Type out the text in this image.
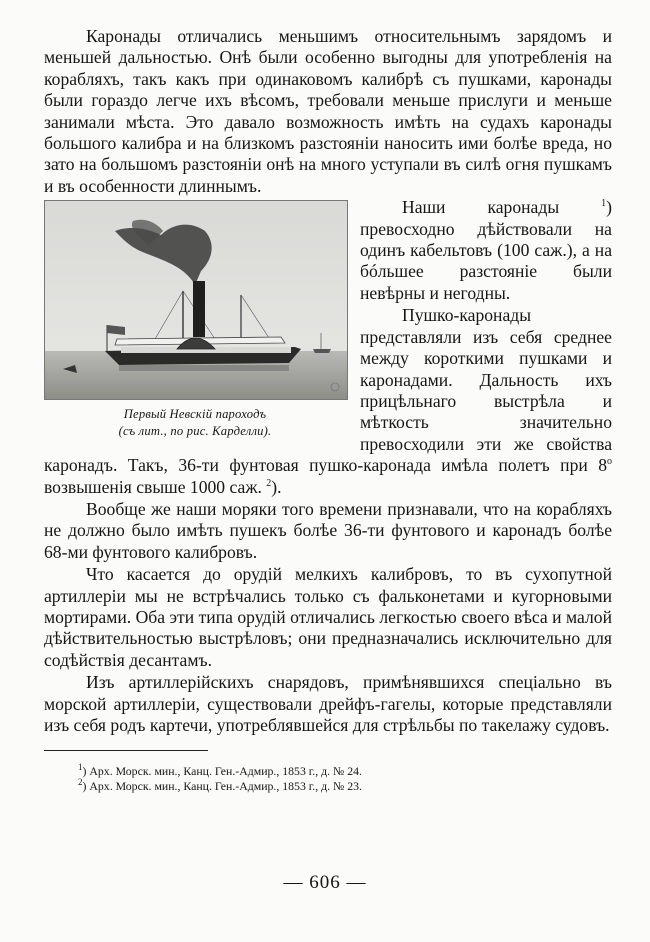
Каронады отличались меньшимъ относительнымъ зарядомъ и меньшей дальностью. Онѣ были особенно выгодны для употребленія на корабляхъ, такъ какъ при одинаковомъ калибрѣ съ пушками, каронады были гораздо легче ихъ вѣсомъ, требовали меньше прислуги и меньше занимали мѣста. Это давало возможность имѣть на судахъ каронады большого калибра и на близкомъ разстояніи наносить ими болѣе вреда, но зато на большомъ разстояніи онѣ на много уступали въ силѣ огня пушкамъ и въ особенности длиннымъ.

Первый Невскій пароходъ
(съ лит., по рис. Карделли).

Наши каронады	$^1$) превосходно дѣйствовали на одинъ кабельтовъ (100 саж.), а на бóльшее разстояніе были невѣрны и негодны.

Пушко-каронады представляли изъ себя среднее между короткими пушками и каронадами. Дальность ихъ прицѣльнаго выстрѣла и мѣткость значительно превосходили эти же свойства каронадъ. Такъ, 36-ти фунтовая пушко-каронада имѣла полетъ при $8^о$ возвышенія свыше 1000 саж. $^2$).

Вообще же наши моряки того времени признавали, что на корабляхъ не должно было имѣть пушекъ болѣе 36-ти фунтового и каронадъ болѣе 68-ми фунтового калибровъ.

Что касается до орудій мелкихъ калибровъ, то въ сухопутной артиллеріи мы не встрѣчались только съ фальконетами и кугорновыми мортирами. Оба эти типа орудій отличались легкостью своего вѣса и малой дѣйствительностью выстрѣловъ; они предназначались исключительно для содѣйствія десантамъ.

Изъ артиллерійскихъ снарядовъ, примѣнявшихся спеціально въ морской артиллеріи, существовали дрейфъ-гагелы, которые представляли изъ себя родъ картечи, употреблявшейся для стрѣльбы по такелажу судовъ.

$^1$) Арх. Морск. мин., Канц. Ген.-Адмир., 1853 г., д. № 24.

$^2$) Арх. Морск. мин., Канц. Ген.-Адмир., 1853 г., д. № 23.

— 606 —
